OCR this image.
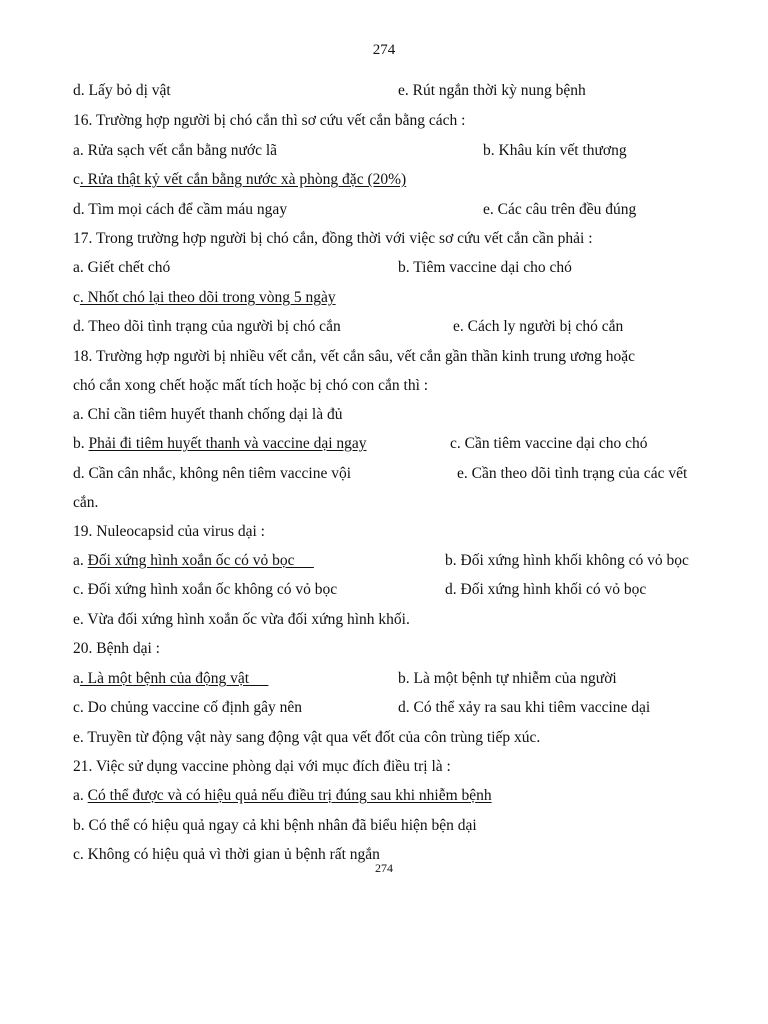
274
d. Lấy bỏ dị vật	e. Rút ngắn thời kỳ nung bệnh
16. Trường hợp người bị chó cắn thì sơ cứu vết cắn bằng cách :
a. Rửa sạch vết cắn bằng nước lã	b. Khâu kín vết thương
c. Rửa thật kỷ vết cắn bằng nước xà phòng đặc (20%)
d. Tìm mọi cách để cầm máu ngay	e. Các câu trên đều đúng
17. Trong trường hợp người bị chó cắn, đồng thời với việc sơ cứu vết cắn cần phải :
a. Giết chết chó	b. Tiêm vaccine dại cho chó
c. Nhốt chó lại theo dõi trong vòng 5 ngày
d. Theo dõi tình trạng của người bị chó cắn	e. Cách ly người bị chó cắn
18. Trường hợp người bị nhiều vết cắn, vết cắn sâu, vết cắn gần thần kinh trung ương hoặc
chó cắn xong chết hoặc mất tích hoặc bị chó con cắn thì :
a. Chỉ cần tiêm huyết thanh chống dại là đủ
b. Phải đi tiêm huyết thanh và vaccine dại ngay	c. Cần tiêm vaccine dại cho chó
d. Cần cân nhắc, không nên tiêm vaccine vội	e. Cần theo dõi tình trạng của các vết
cắn.
19. Nuleocapsid của virus dại :
a. Đối xứng hình xoắn ốc có vỏ bọc	b. Đối xứng hình khối không có vỏ bọc
c. Đối xứng hình xoắn ốc không có vỏ bọc	d. Đối xứng hình khối có vỏ bọc
e. Vừa đối xứng hình xoắn ốc vừa đối xứng hình khối.
20. Bệnh dại :
a. Là một bệnh của động vật	b. Là một bệnh tự nhiễm của người
c. Do chủng vaccine cố định gây nên	d. Có thể xảy ra sau khi tiêm vaccine dại
e. Truyền từ động vật này sang động vật qua vết đốt của côn trùng tiếp xúc.
21. Việc sử dụng vaccine phòng dại với mục đích điều trị là :
a. Có thể được và có hiệu quả nếu điều trị đúng sau khi nhiễm bệnh
b. Có thể có hiệu quả ngay cả khi bệnh nhân đã biểu hiện bện dại
c. Không có hiệu quả vì thời gian ủ bệnh rất ngắn
274
